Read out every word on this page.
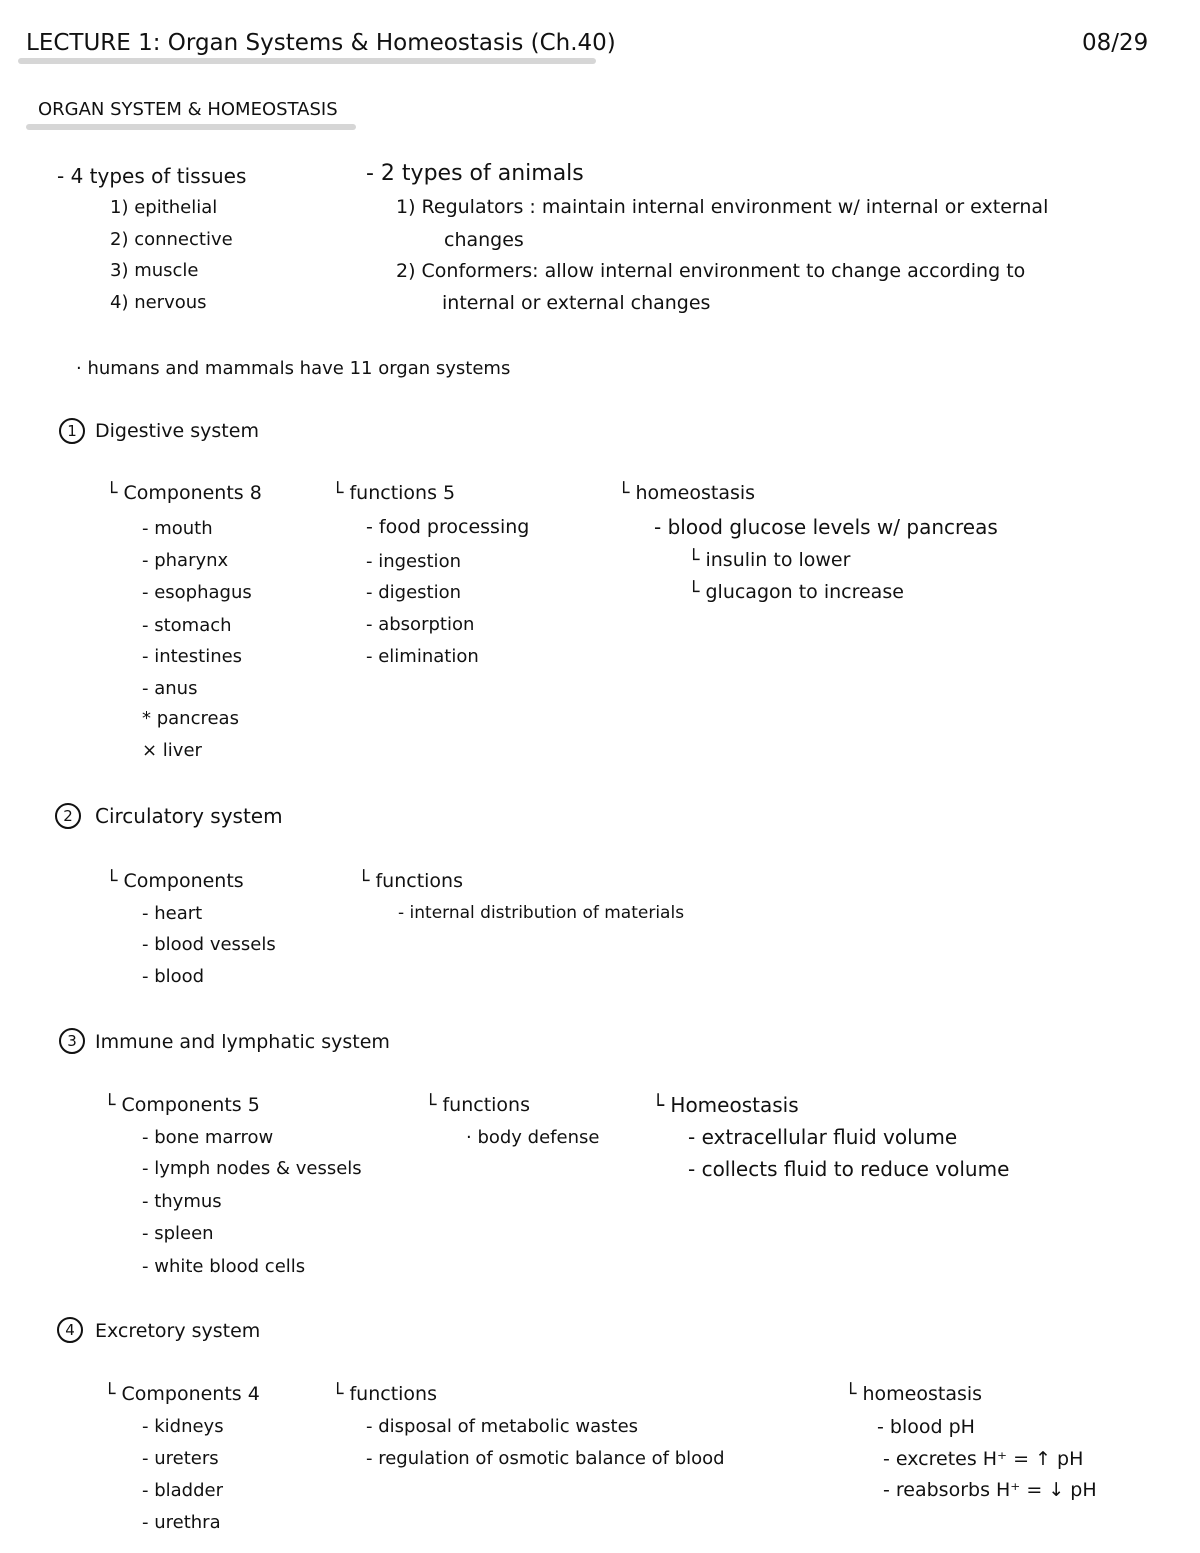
LECTURE 1: Organ Systems & Homeostasis (Ch.40)	08/29
ORGAN SYSTEM & HOMEOSTASIS
- 4 types of tissues
1) epithelial
2) connective
3) muscle
4) nervous
- 2 types of animals
1) Regulators : maintain internal environment w/ internal or external
changes
2) Conformers: allow internal environment to change according to
internal or external changes
· humans and mammals have 11 organ systems
1 Digestive system
└ Components 8
- mouth
- pharynx
- esophagus
- stomach
- intestines
- anus
* pancreas
× liver
└ functions 5
- food processing
- ingestion
- digestion
- absorption
- elimination
└ homeostasis
- blood glucose levels w/ pancreas
└ insulin to lower
└ glucagon to increase
2	Circulatory system
└ Components
- heart
- blood vessels
- blood
└ functions
- internal distribution of materials
3 Immune and lymphatic system
└ Components 5
- bone marrow
- lymph nodes & vessels
- thymus
- spleen
- white blood cells
└ functions
· body defense
└ Homeostasis
- extracellular fluid volume
- collects fluid to reduce volume
4	Excretory system
└ Components 4
- kidneys
- ureters
- bladder
- urethra
└ functions
- disposal of metabolic wastes
- regulation of osmotic balance of blood
└ homeostasis
- blood pH
- excretes H⁺ = ↑ pH
- reabsorbs H⁺ = ↓ pH
